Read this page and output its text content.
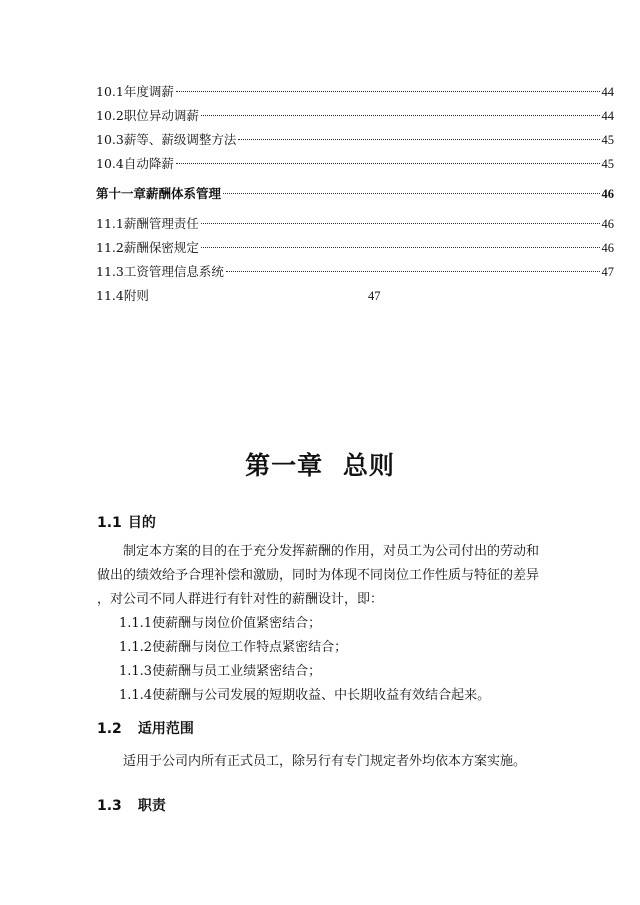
10.1年度调薪	44
10.2职位异动调薪	44
10.3薪等、薪级调整方法	45
10.4自动降薪	45
第十一章薪酬体系管理	46
11.1薪酬管理责任	46
11.2薪酬保密规定	46
11.3工资管理信息系统	47
11.4附则	47
第一章 总则
1.1 目的

制定本方案的目的在于充分发挥薪酬的作用，对员工为公司付出的劳动和

做出的绩效给予合理补偿和激励，同时为体现不同岗位工作性质与特征的差异

，对公司不同人群进行有针对性的薪酬设计，即：

1.1.1使薪酬与岗位价值紧密结合；

1.1.2使薪酬与岗位工作特点紧密结合；

1.1.3使薪酬与员工业绩紧密结合；

1.1.4使薪酬与公司发展的短期收益、中长期收益有效结合起来。

1.2 适用范围

适用于公司内所有正式员工，除另行有专门规定者外均依本方案实施。

1.3 职责
